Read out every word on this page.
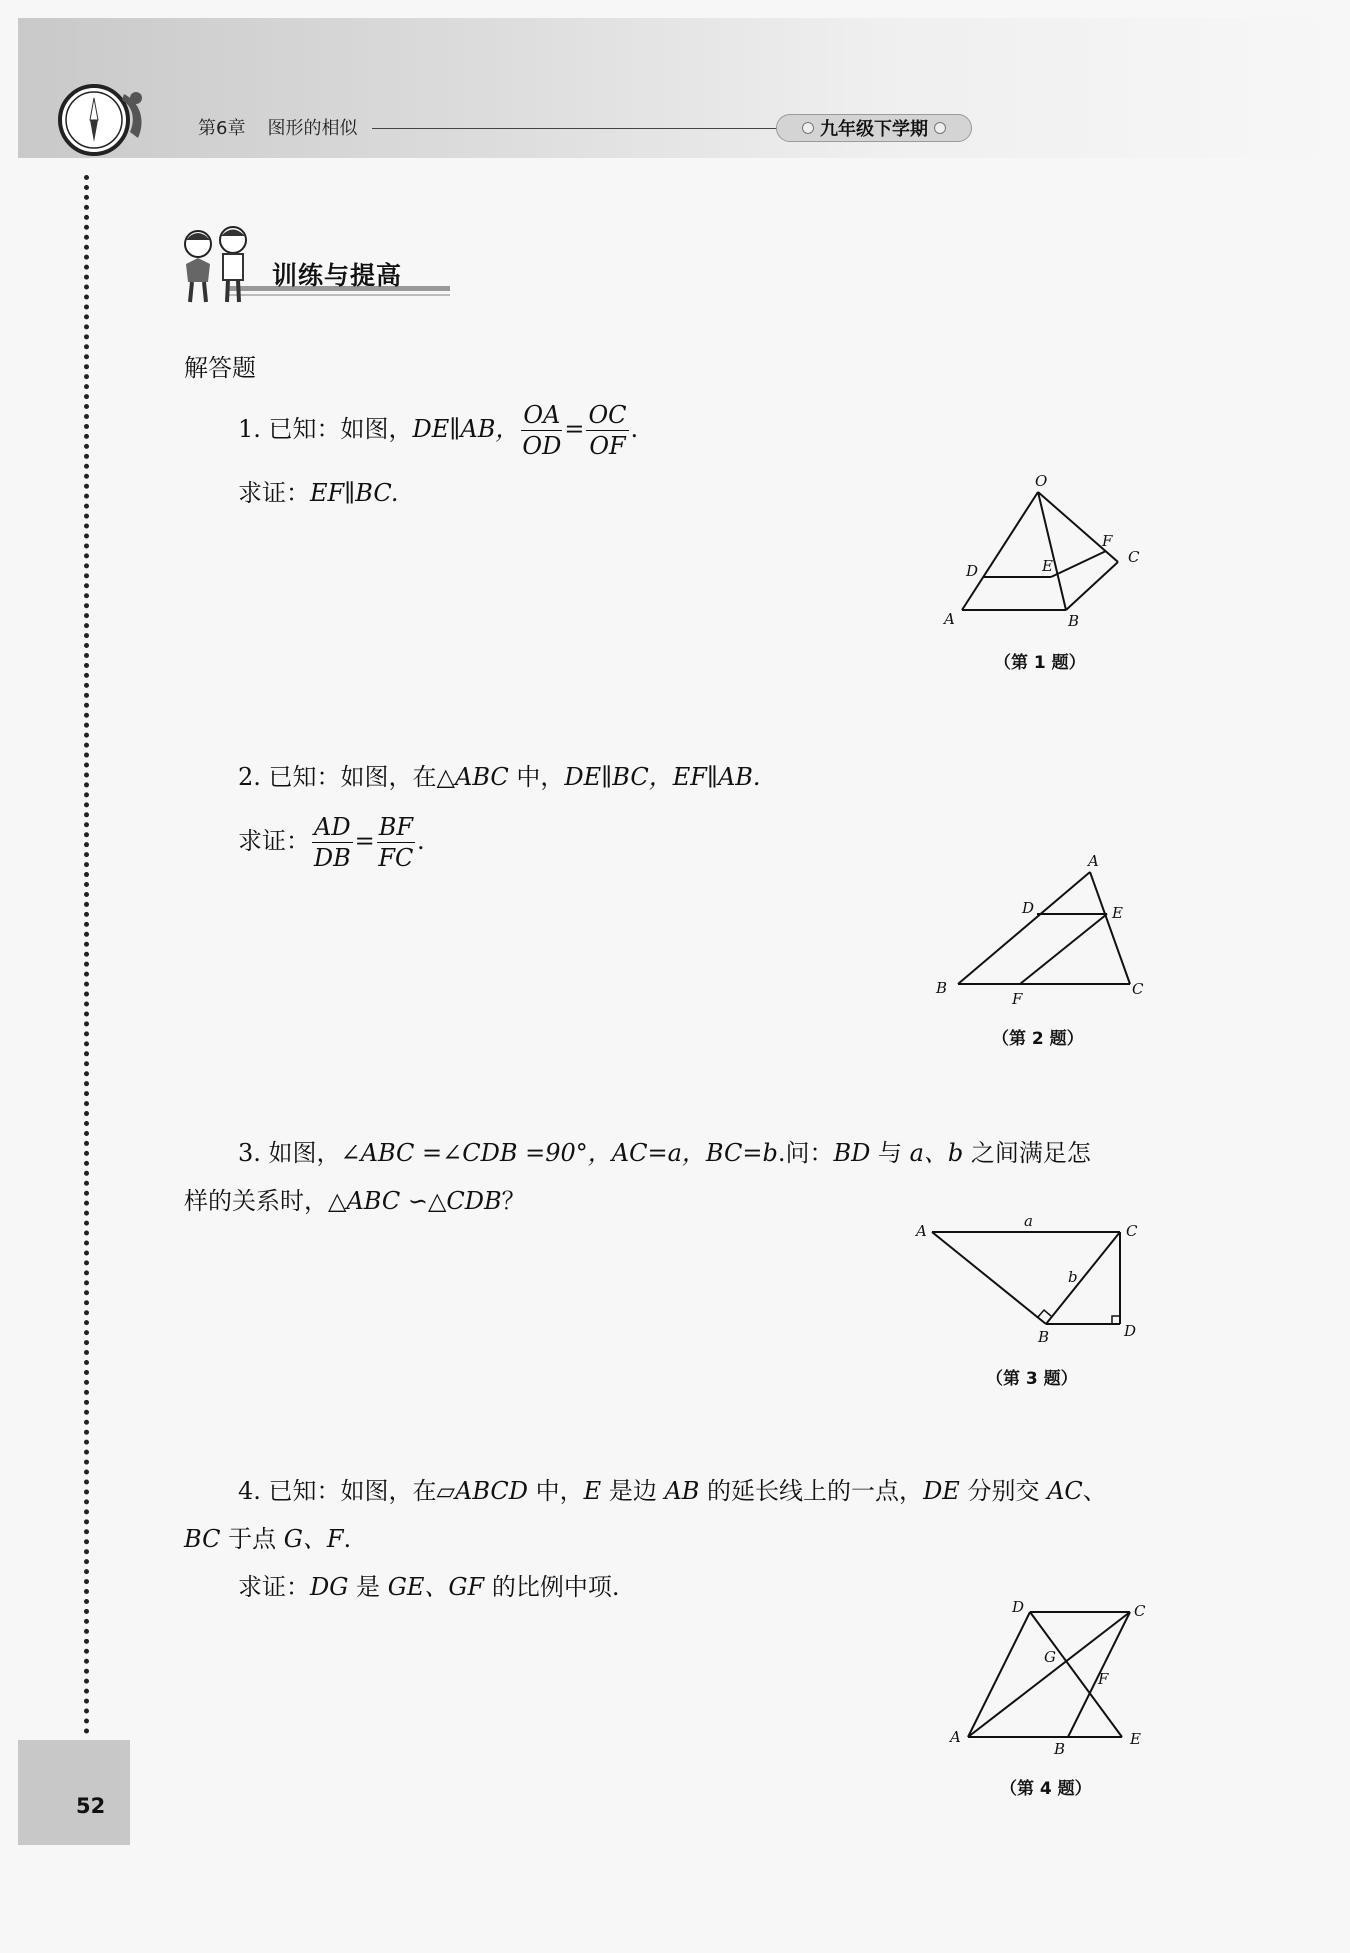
第6章 图形的相似	九年级下学期
52
训练与提高
解答题
1. 已知：如图，DE∥AB， $\frac{OA}{OD} = \frac{OC}{OF}$ .
求证：EF∥BC.	O
F
C
D	E
A	B
（第 1 题）
2. 已知：如图，在△ABC 中，DE∥BC，EF∥AB.
求证： $\frac{AD}{DB} = \frac{BF}{FC}$ .
A
D	E
B
F
C
（第 2 题）
3. 如图，∠ABC =∠CDB =90°，AC=a，BC=b.问：BD 与 a、b 之间满足怎
样的关系时，△ABC ∽△CDB？
A
a
C
b
B	D
（第 3 题）
4. 已知：如图，在▱ABCD 中，E 是边 AB 的延长线上的一点，DE 分别交 AC、
BC 于点 G、F.
求证：DG 是 GE、GF 的比例中项.
D	C
G
F
A
B
E
（第 4 题）
